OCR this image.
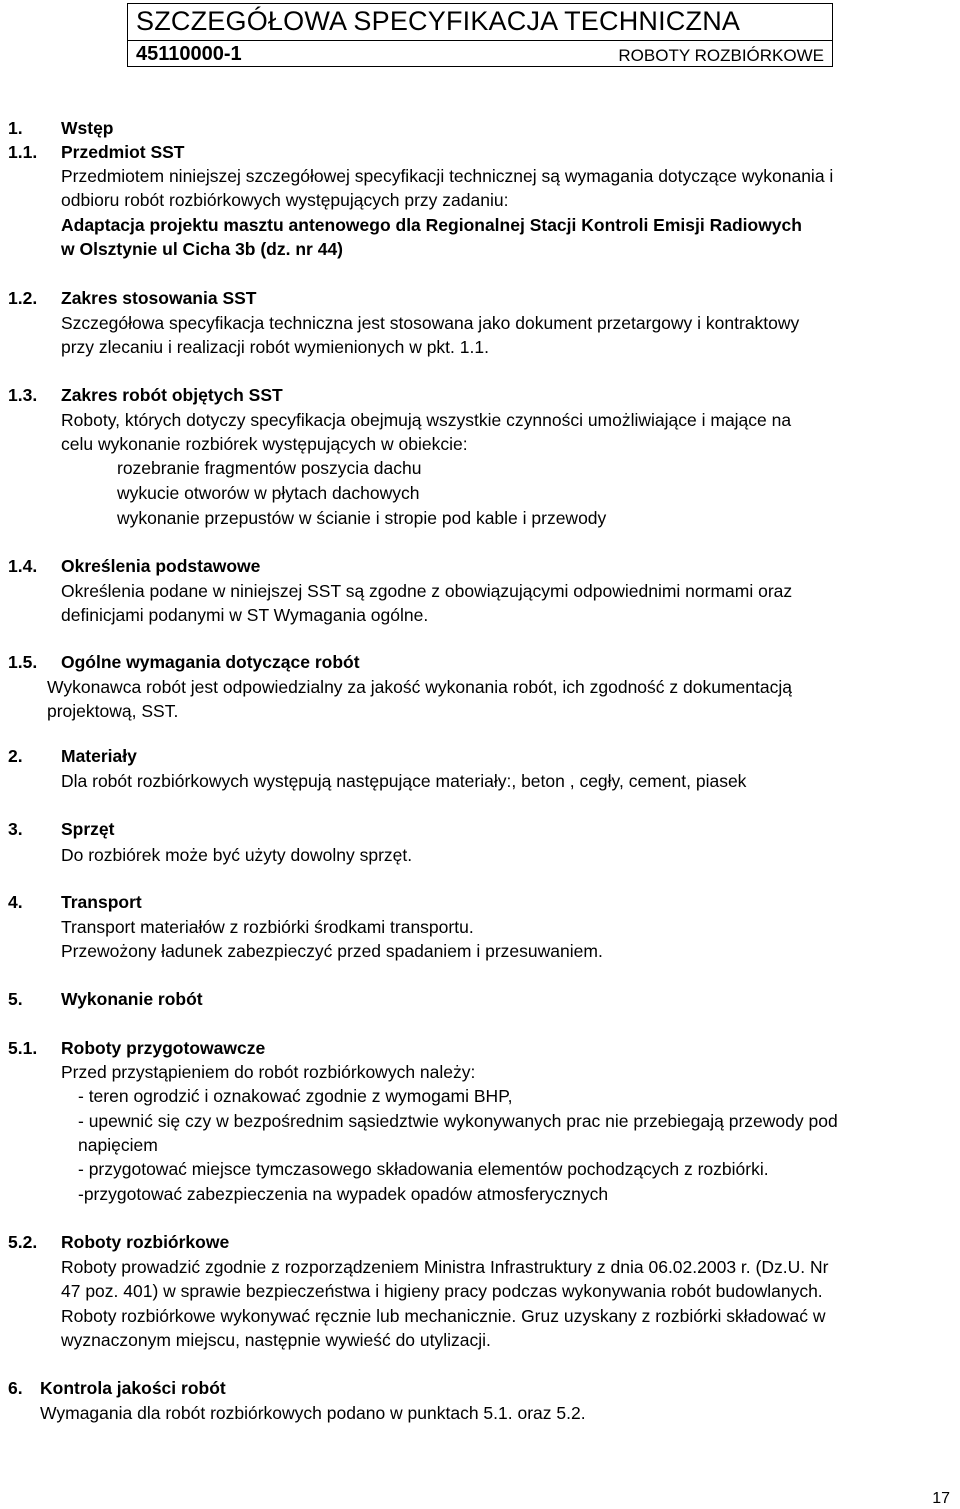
SZCZEGÓŁOWA SPECYFIKACJA TECHNICZNA
45110000-1	ROBOTY ROZBIÓRKOWE
1. Wstęp
1.1. Przedmiot SST
Przedmiotem niniejszej szczegółowej specyfikacji technicznej są wymagania dotyczące wykonania i
odbioru robót rozbiórkowych występujących przy zadaniu:
Adaptacja projektu masztu antenowego dla Regionalnej Stacji Kontroli Emisji Radiowych
w Olsztynie ul Cicha 3b (dz. nr 44)
1.2. Zakres stosowania SST
Szczegółowa specyfikacja techniczna jest stosowana jako dokument przetargowy i kontraktowy
przy zlecaniu i realizacji robót wymienionych w pkt. 1.1.
1.3. Zakres robót objętych SST
Roboty, których dotyczy specyfikacja obejmują wszystkie czynności umożliwiające i mające na
celu wykonanie rozbiórek występujących w obiekcie:
rozebranie fragmentów poszycia dachu
wykucie otworów w płytach dachowych
wykonanie przepustów w ścianie i stropie pod kable i przewody
1.4. Określenia podstawowe
Określenia podane w niniejszej SST są zgodne z obowiązującymi odpowiednimi normami oraz
definicjami podanymi w ST Wymagania ogólne.
1.5. Ogólne wymagania dotyczące robót
Wykonawca robót jest odpowiedzialny za jakość wykonania robót, ich zgodność z dokumentacją
projektową, SST.
2. Materiały
Dla robót rozbiórkowych występują następujące materiały:, beton , cegły, cement, piasek
3. Sprzęt
Do rozbiórek może być użyty dowolny sprzęt.
4. Transport
Transport materiałów z rozbiórki środkami transportu.
Przewożony ładunek zabezpieczyć przed spadaniem i przesuwaniem.
5. Wykonanie robót
5.1. Roboty przygotowawcze
Przed przystąpieniem do robót rozbiórkowych należy:
- teren ogrodzić i oznakować zgodnie z wymogami BHP,
- upewnić się czy w bezpośrednim sąsiedztwie wykonywanych prac nie przebiegają przewody pod
napięciem
- przygotować miejsce tymczasowego składowania elementów pochodzących z rozbiórki.
-przygotować zabezpieczenia na wypadek opadów atmosferycznych
5.2. Roboty rozbiórkowe
Roboty prowadzić zgodnie z rozporządzeniem Ministra Infrastruktury z dnia 06.02.2003 r. (Dz.U. Nr
47 poz. 401) w sprawie bezpieczeństwa i higieny pracy podczas wykonywania robót budowlanych.
Roboty rozbiórkowe wykonywać ręcznie lub mechanicznie. Gruz uzyskany z rozbiórki składować w
wyznaczonym miejscu, następnie wywieść do utylizacji.
6. Kontrola jakości robót
Wymagania dla robót rozbiórkowych podano w punktach 5.1. oraz 5.2.
17
